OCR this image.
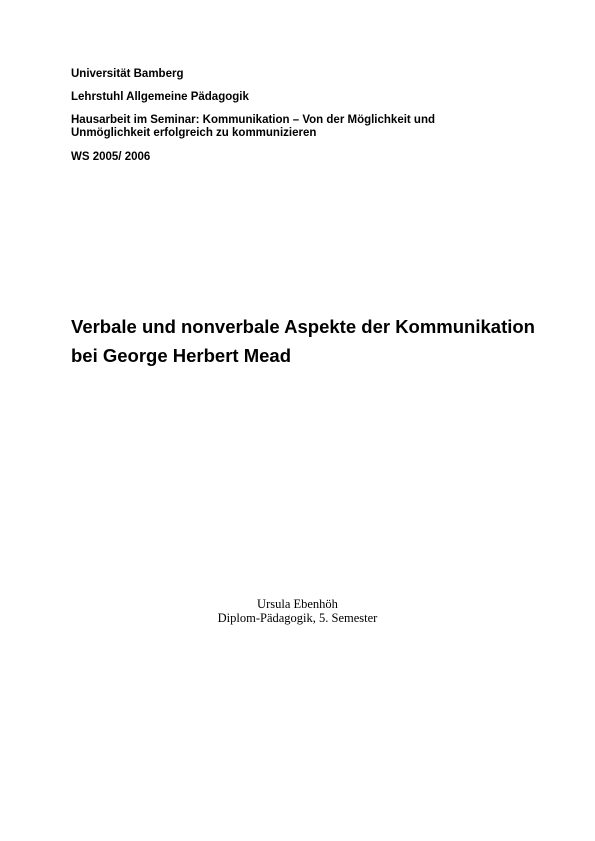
Universität Bamberg
Lehrstuhl Allgemeine Pädagogik
Hausarbeit im Seminar: Kommunikation – Von der Möglichkeit und
Unmöglichkeit erfolgreich zu kommunizieren
WS 2005/ 2006
Verbale und nonverbale Aspekte der Kommunikation
bei George Herbert Mead
Ursula Ebenhöh
Diplom-Pädagogik, 5. Semester
